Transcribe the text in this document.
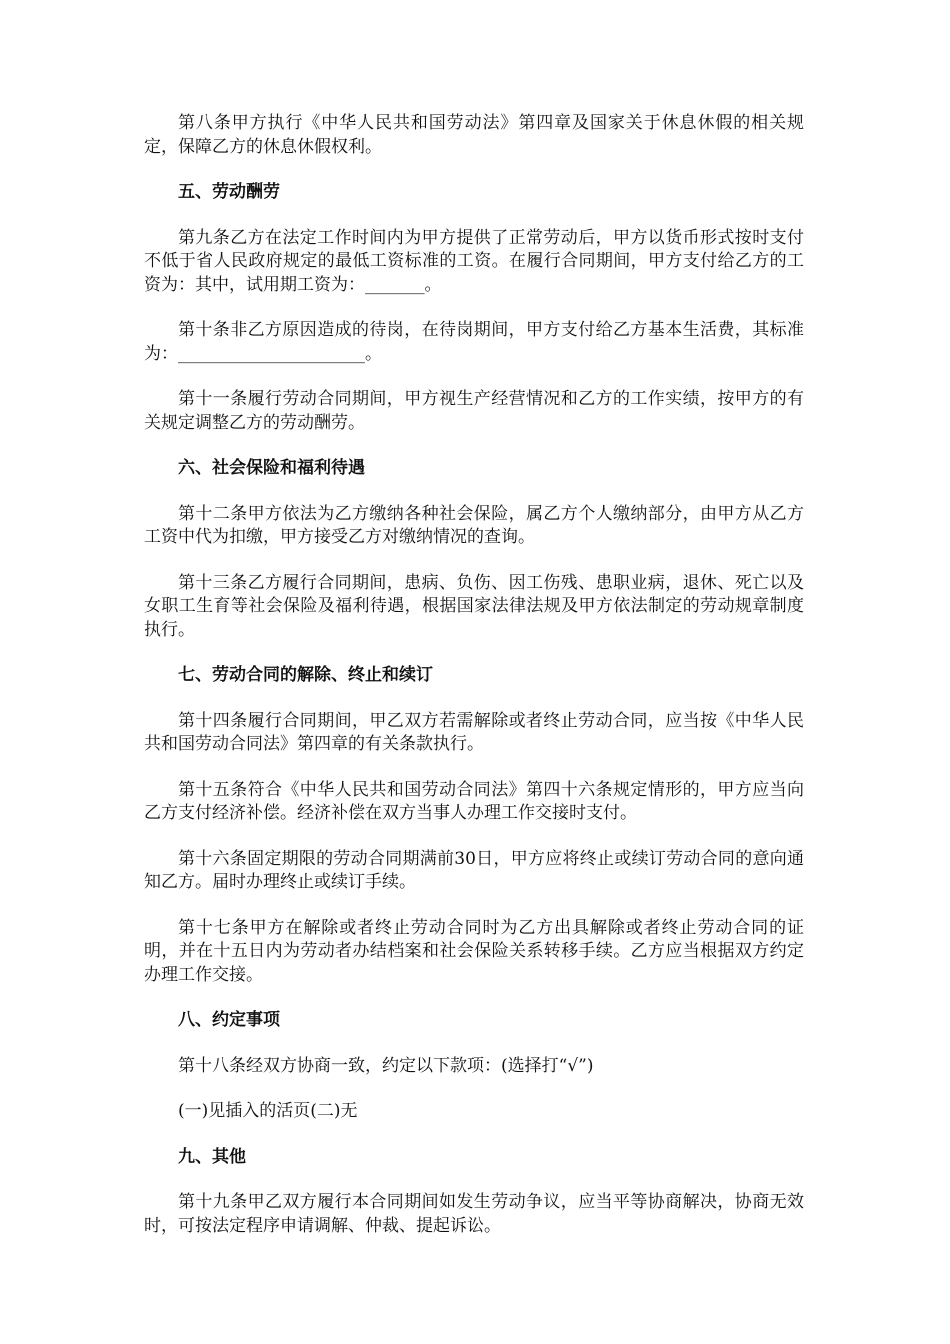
第八条甲方执行《中华人民共和国劳动法》第四章及国家关于休息休假的相关规定，保障乙方的休息休假权利。

五、劳动酬劳

第九条乙方在法定工作时间内为甲方提供了正常劳动后，甲方以货币形式按时支付不低于省人民政府规定的最低工资标准的工资。在履行合同期间，甲方支付给乙方的工资为：其中，试用期工资为：_______。

第十条非乙方原因造成的待岗，在待岗期间，甲方支付给乙方基本生活费，其标准为：______________________。

第十一条履行劳动合同期间，甲方视生产经营情况和乙方的工作实绩，按甲方的有关规定调整乙方的劳动酬劳。

六、社会保险和福利待遇

第十二条甲方依法为乙方缴纳各种社会保险，属乙方个人缴纳部分，由甲方从乙方工资中代为扣缴，甲方接受乙方对缴纳情况的查询。

第十三条乙方履行合同期间，患病、负伤、因工伤残、患职业病，退休、死亡以及女职工生育等社会保险及福利待遇，根据国家法律法规及甲方依法制定的劳动规章制度执行。

七、劳动合同的解除、终止和续订

第十四条履行合同期间，甲乙双方若需解除或者终止劳动合同，应当按《中华人民共和国劳动合同法》第四章的有关条款执行。

第十五条符合《中华人民共和国劳动合同法》第四十六条规定情形的，甲方应当向乙方支付经济补偿。经济补偿在双方当事人办理工作交接时支付。

第十六条固定期限的劳动合同期满前30日，甲方应将终止或续订劳动合同的意向通知乙方。届时办理终止或续订手续。

第十七条甲方在解除或者终止劳动合同时为乙方出具解除或者终止劳动合同的证明，并在十五日内为劳动者办结档案和社会保险关系转移手续。乙方应当根据双方约定办理工作交接。

八、约定事项

第十八条经双方协商一致，约定以下款项：(选择打“√”)

(一)见插入的活页(二)无

九、其他

第十九条甲乙双方履行本合同期间如发生劳动争议，应当平等协商解决，协商无效时，可按法定程序申请调解、仲裁、提起诉讼。
